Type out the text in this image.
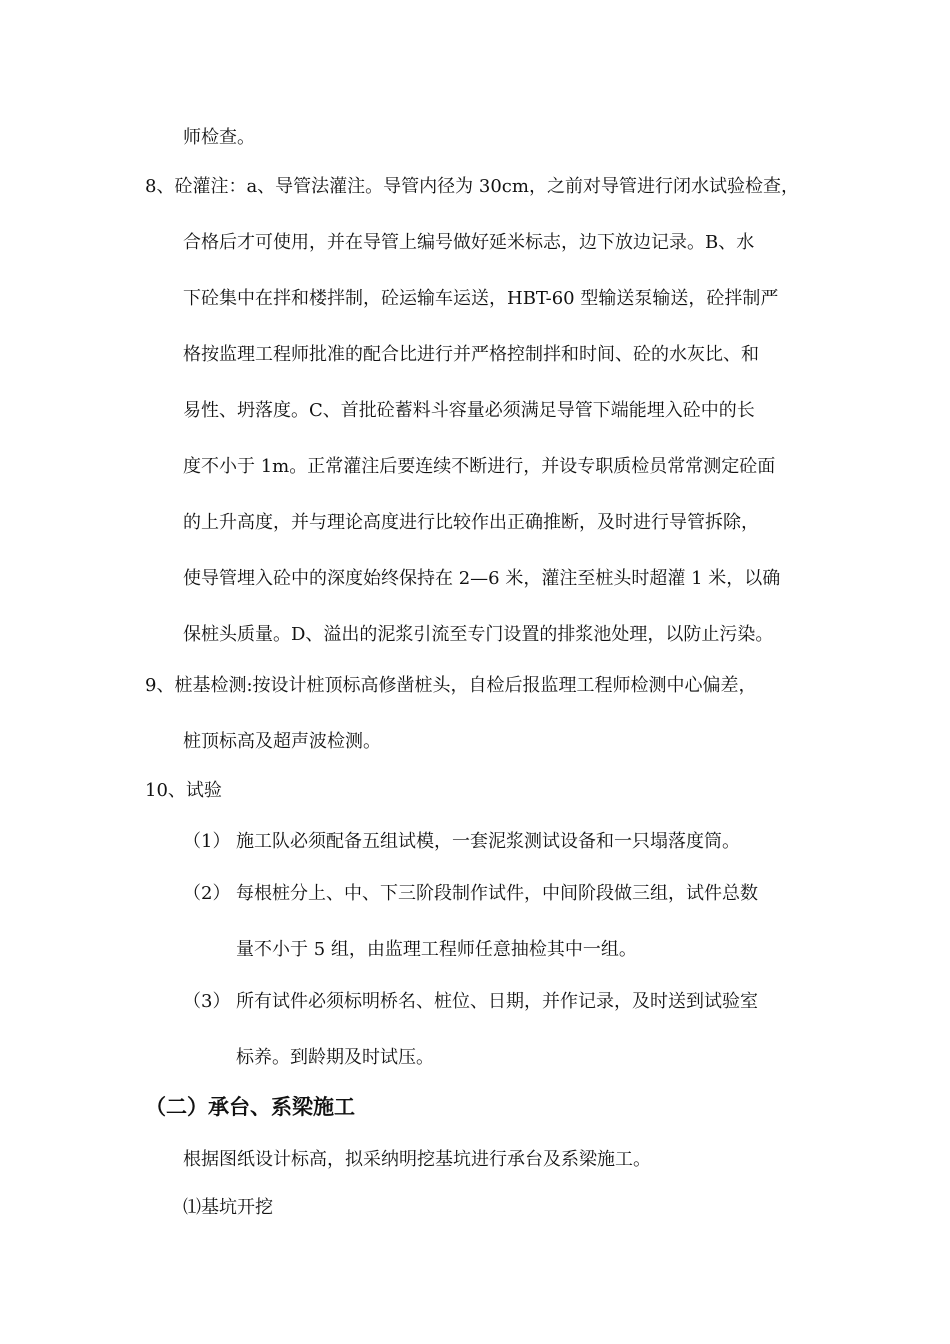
师检查。
8、砼灌注：a、导管法灌注。导管内径为 30cm，之前对导管进行闭水试验检查，
合格后才可使用，并在导管上编号做好延米标志，边下放边记录。B、水
下砼集中在拌和楼拌制，砼运输车运送，HBT-60 型输送泵输送，砼拌制严
格按监理工程师批准的配合比进行并严格控制拌和时间、砼的水灰比、和
易性、坍落度。C、首批砼蓄料斗容量必须满足导管下端能埋入砼中的长
度不小于 1m。正常灌注后要连续不断进行，并设专职质检员常常测定砼面
的上升高度，并与理论高度进行比较作出正确推断，及时进行导管拆除，
使导管埋入砼中的深度始终保持在 2—6 米，灌注至桩头时超灌 1 米，以确
保桩头质量。D、溢出的泥浆引流至专门设置的排浆池处理，以防止污染。
9、桩基检测:按设计桩顶标高修凿桩头，自检后报监理工程师检测中心偏差，
桩顶标高及超声波检测。
10、试验
（1） 施工队必须配备五组试模，一套泥浆测试设备和一只塌落度筒。
（2） 每根桩分上、中、下三阶段制作试件，中间阶段做三组，试件总数
量不小于 5 组，由监理工程师任意抽检其中一组。
（3） 所有试件必须标明桥名、桩位、日期，并作记录，及时送到试验室
标养。到龄期及时试压。
（二）承台、系梁施工
根据图纸设计标高，拟采纳明挖基坑进行承台及系梁施工。
⑴基坑开挖
